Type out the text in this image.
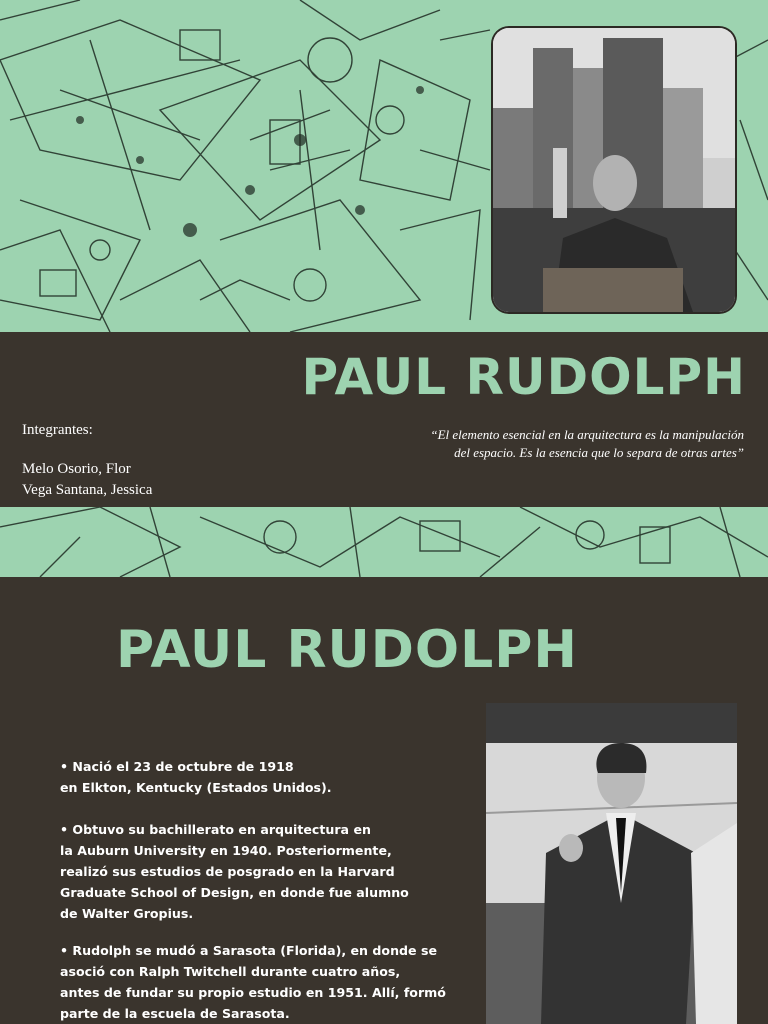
PAUL RUDOLPH
Integrantes:
Melo Osorio, Flor
Vega Santana, Jessica
“El elemento esencial en la arquitectura es la manipulación
del espacio. Es la esencia que lo separa de otras artes”
PAUL RUDOLPH
• Nació el 23 de octubre de 1918
en Elkton, Kentucky (Estados Unidos).
• Obtuvo su bachillerato en arquitectura en
la Auburn University en 1940. Posteriormente,
realizó sus estudios de posgrado en la Harvard
Graduate School of Design, en donde fue alumno
de Walter Gropius.
• Rudolph se mudó a Sarasota (Florida), en donde se
asoció con Ralph Twitchell durante cuatro años,
antes de fundar su propio estudio en 1951. Allí, formó
parte de la escuela de Sarasota.
